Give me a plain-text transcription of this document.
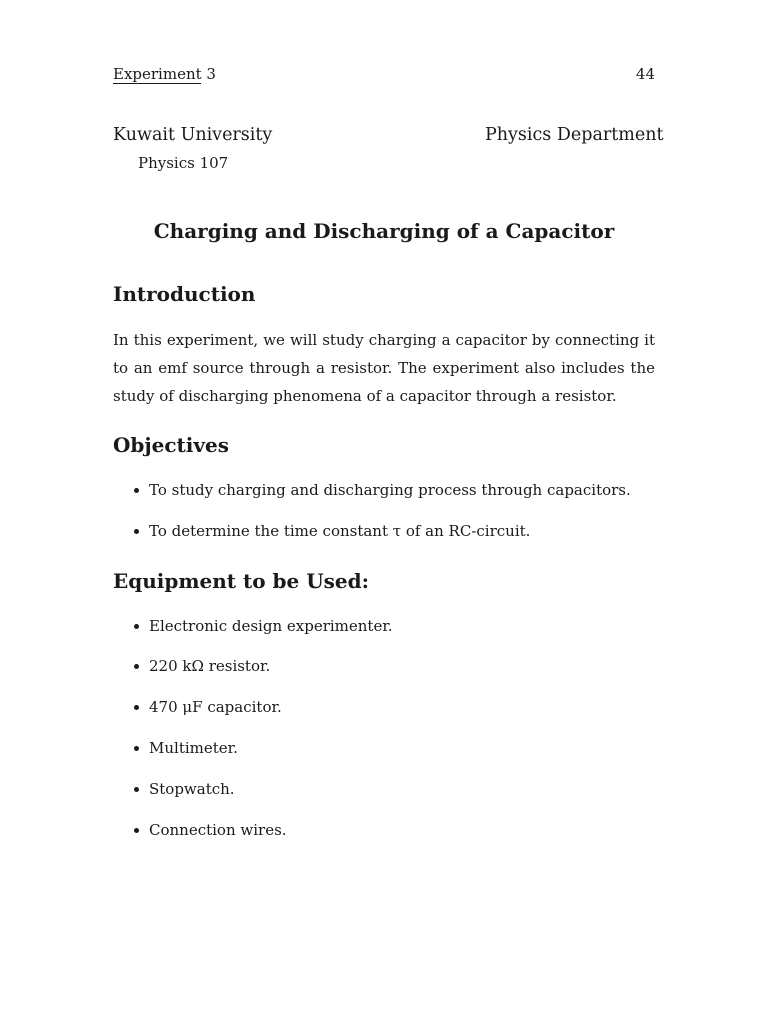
Experiment 3	44
Kuwait University	Physics Department
Physics 107
Charging and Discharging of a Capacitor
Introduction
In this experiment, we will study charging a capacitor by connecting it to an emf source through a resistor. The experiment also includes the study of discharging phenomena of a capacitor through a resistor.
Objectives
To study charging and discharging process through capacitors.
To determine the time constant τ of an RC-circuit.
Equipment to be Used:
Electronic design experimenter.
220 kΩ resistor.
470 μF capacitor.
Multimeter.
Stopwatch.
Connection wires.
